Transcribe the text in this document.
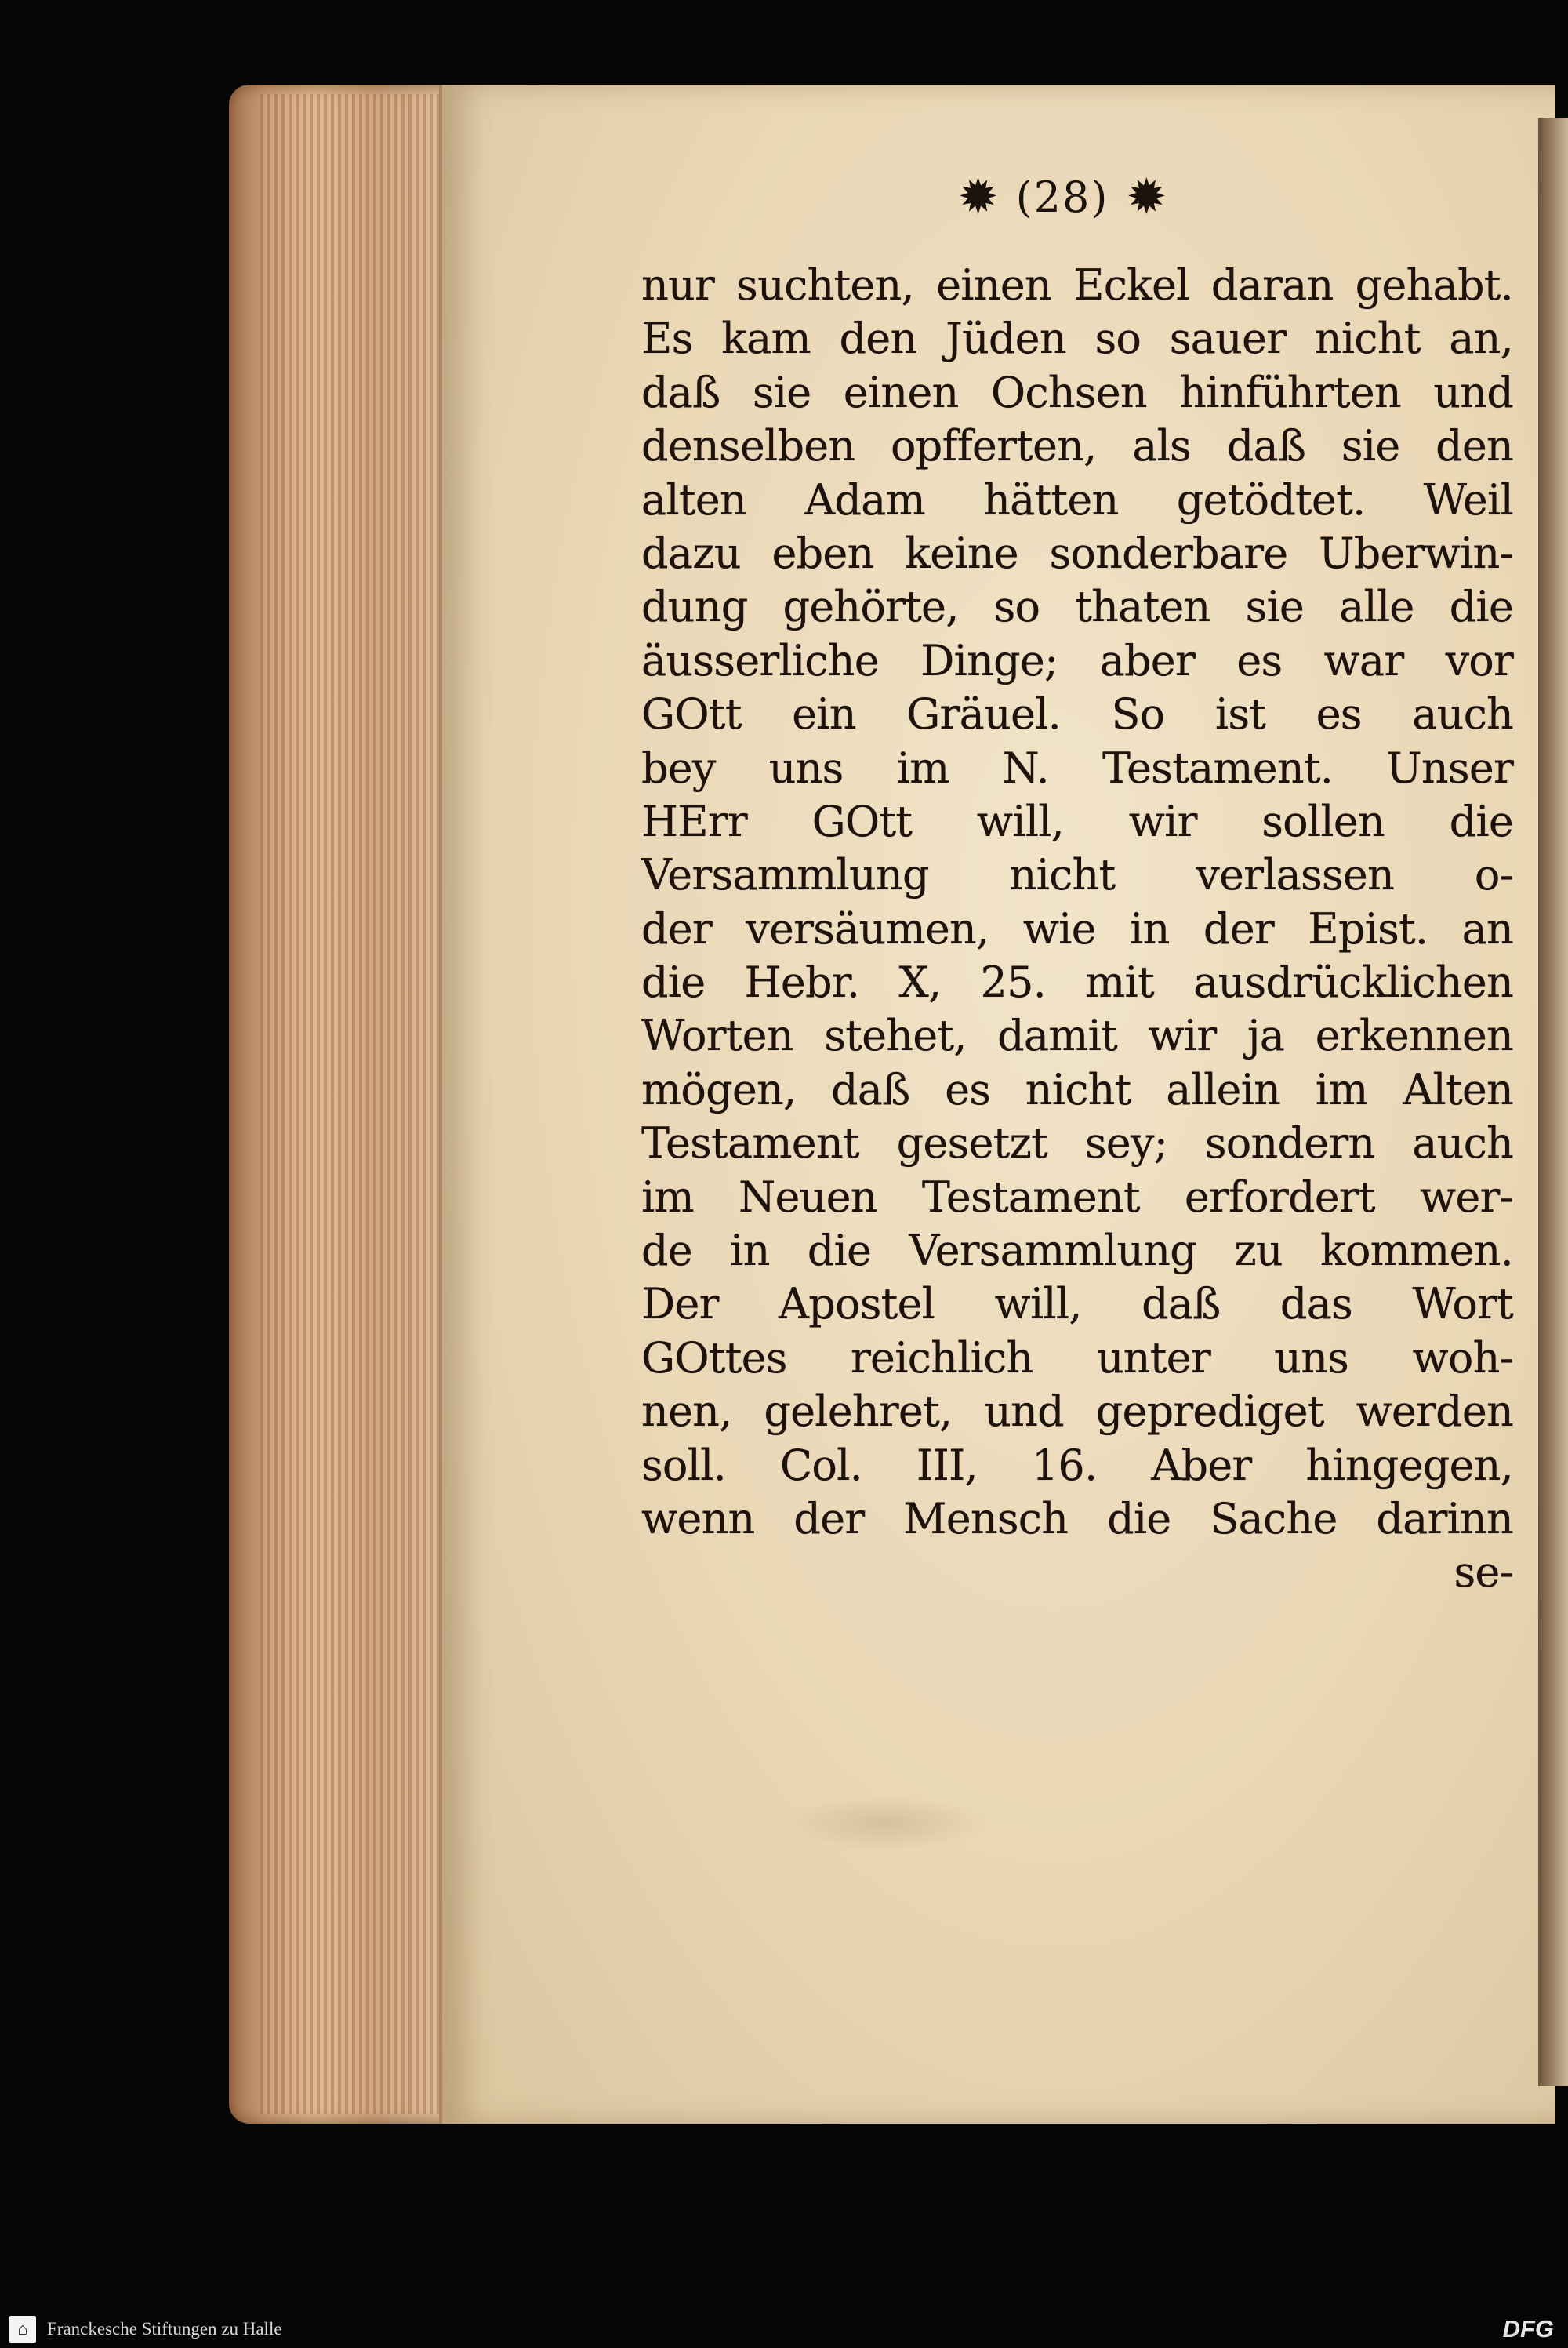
✹ (28) ✹
nur suchten, einen Eckel daran gehabt.
Es kam den Jüden so sauer nicht an,
daß sie einen Ochsen hinführten und
denselben opfferten, als daß sie den
alten Adam hätten getödtet. Weil
dazu eben keine sonderbare Uberwin-
dung gehörte, so thaten sie alle die
äusserliche Dinge; aber es war vor
GOtt ein Gräuel. So ist es auch
bey uns im N. Testament. Unser
HErr GOtt will, wir sollen die
Versammlung nicht verlassen o-
der versäumen, wie in der Epist. an
die Hebr. X, 25. mit ausdrücklichen
Worten stehet, damit wir ja erkennen
mögen, daß es nicht allein im Alten
Testament gesetzt sey; sondern auch
im Neuen Testament erfordert wer-
de in die Versammlung zu kommen.
Der Apostel will, daß das Wort
GOttes reichlich unter uns woh-
nen, gelehret, und geprediget werden
soll. Col. III, 16. Aber hingegen,
wenn der Mensch die Sache darinn
se-
⌂	Franckesche Stiftungen zu Halle	DFG
